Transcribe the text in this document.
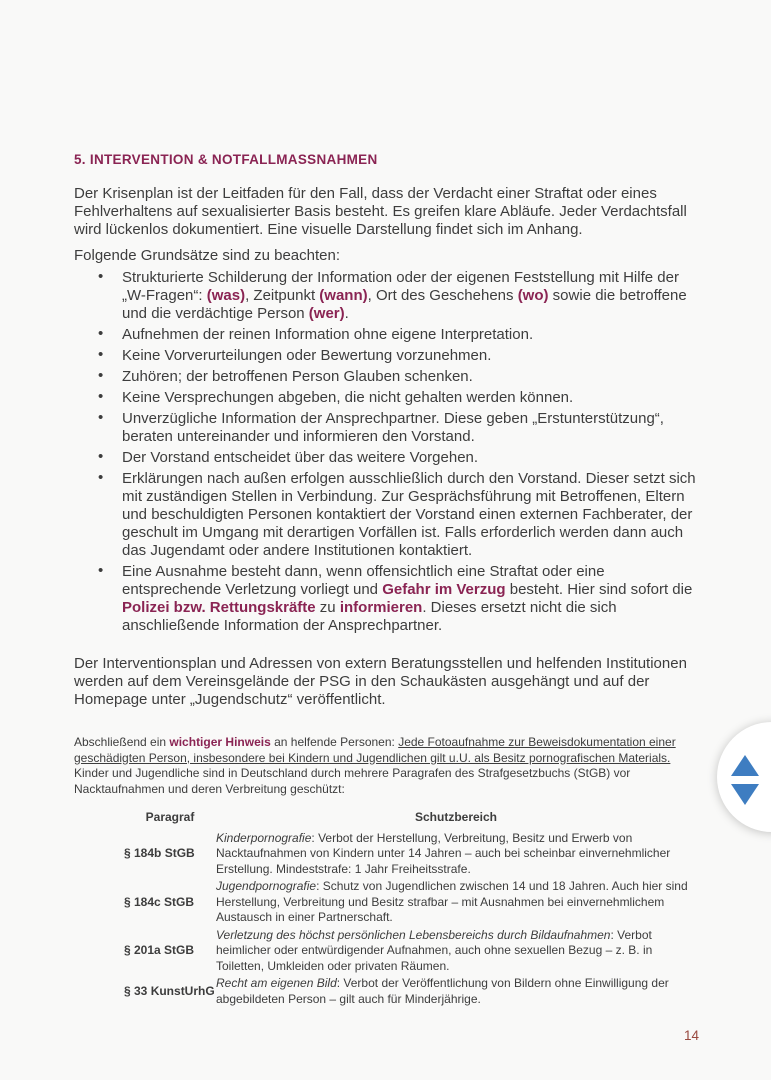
5. INTERVENTION & NOTFALLMASSNAHMEN

Der Krisenplan ist der Leitfaden für den Fall, dass der Verdacht einer Straftat oder eines Fehlverhaltens auf sexualisierter Basis besteht. Es greifen klare Abläufe. Jeder Verdachtsfall wird lückenlos dokumentiert. Eine visuelle Darstellung findet sich im Anhang.

Folgende Grundsätze sind zu beachten:

• Strukturierte Schilderung der Information oder der eigenen Feststellung mit Hilfe der „W-Fragen“: (was), Zeitpunkt (wann), Ort des Geschehens (wo) sowie die betroffene und die verdächtige Person (wer).
• Aufnehmen der reinen Information ohne eigene Interpretation.
• Keine Vorverurteilungen oder Bewertung vorzunehmen.
• Zuhören; der betroffenen Person Glauben schenken.
• Keine Versprechungen abgeben, die nicht gehalten werden können.
• Unverzügliche Information der Ansprechpartner. Diese geben „Erstunterstützung“, beraten untereinander und informieren den Vorstand.
• Der Vorstand entscheidet über das weitere Vorgehen.
• Erklärungen nach außen erfolgen ausschließlich durch den Vorstand. Dieser setzt sich mit zuständigen Stellen in Verbindung. Zur Gesprächsführung mit Betroffenen, Eltern und beschuldigten Personen kontaktiert der Vorstand einen externen Fachberater, der geschult im Umgang mit derartigen Vorfällen ist. Falls erforderlich werden dann auch das Jugendamt oder andere Institutionen kontaktiert.
• Eine Ausnahme besteht dann, wenn offensichtlich eine Straftat oder eine entsprechende Verletzung vorliegt und Gefahr im Verzug besteht. Hier sind sofort die Polizei bzw. Rettungskräfte zu informieren. Dieses ersetzt nicht die sich anschließende Information der Ansprechpartner.

Der Interventionsplan und Adressen von extern Beratungsstellen und helfenden Institutionen werden auf dem Vereinsgelände der PSG in den Schaukästen ausgehängt und auf der Homepage unter „Jugendschutz“ veröffentlicht.

Abschließend ein wichtiger Hinweis an helfende Personen: Jede Fotoaufnahme zur Beweisdokumentation einer geschädigten Person, insbesondere bei Kindern und Jugendlichen gilt u.U. als Besitz pornografischen Materials. Kinder und Jugendliche sind in Deutschland durch mehrere Paragrafen des Strafgesetzbuchs (StGB) vor Nacktaufnahmen und deren Verbreitung geschützt:

Paragraf	Schutzbereich
§ 184b StGB
Kinderpornografie: Verbot der Herstellung, Verbreitung, Besitz und Erwerb von Nacktaufnahmen von Kindern unter 14 Jahren – auch bei scheinbar einvernehmlicher Erstellung. Mindeststrafe: 1 Jahr Freiheitsstrafe.
§ 184c StGB
Jugendpornografie: Schutz von Jugendlichen zwischen 14 und 18 Jahren. Auch hier sind Herstellung, Verbreitung und Besitz strafbar – mit Ausnahmen bei einvernehmlichem Austausch in einer Partnerschaft.
§ 201a StGB
Verletzung des höchst persönlichen Lebensbereichs durch Bildaufnahmen: Verbot heimlicher oder entwürdigender Aufnahmen, auch ohne sexuellen Bezug – z. B. in Toiletten, Umkleiden oder privaten Räumen.
§ 33 KunstUrhG
Recht am eigenen Bild: Verbot der Veröffentlichung von Bildern ohne Einwilligung der abgebildeten Person – gilt auch für Minderjährige.
14
